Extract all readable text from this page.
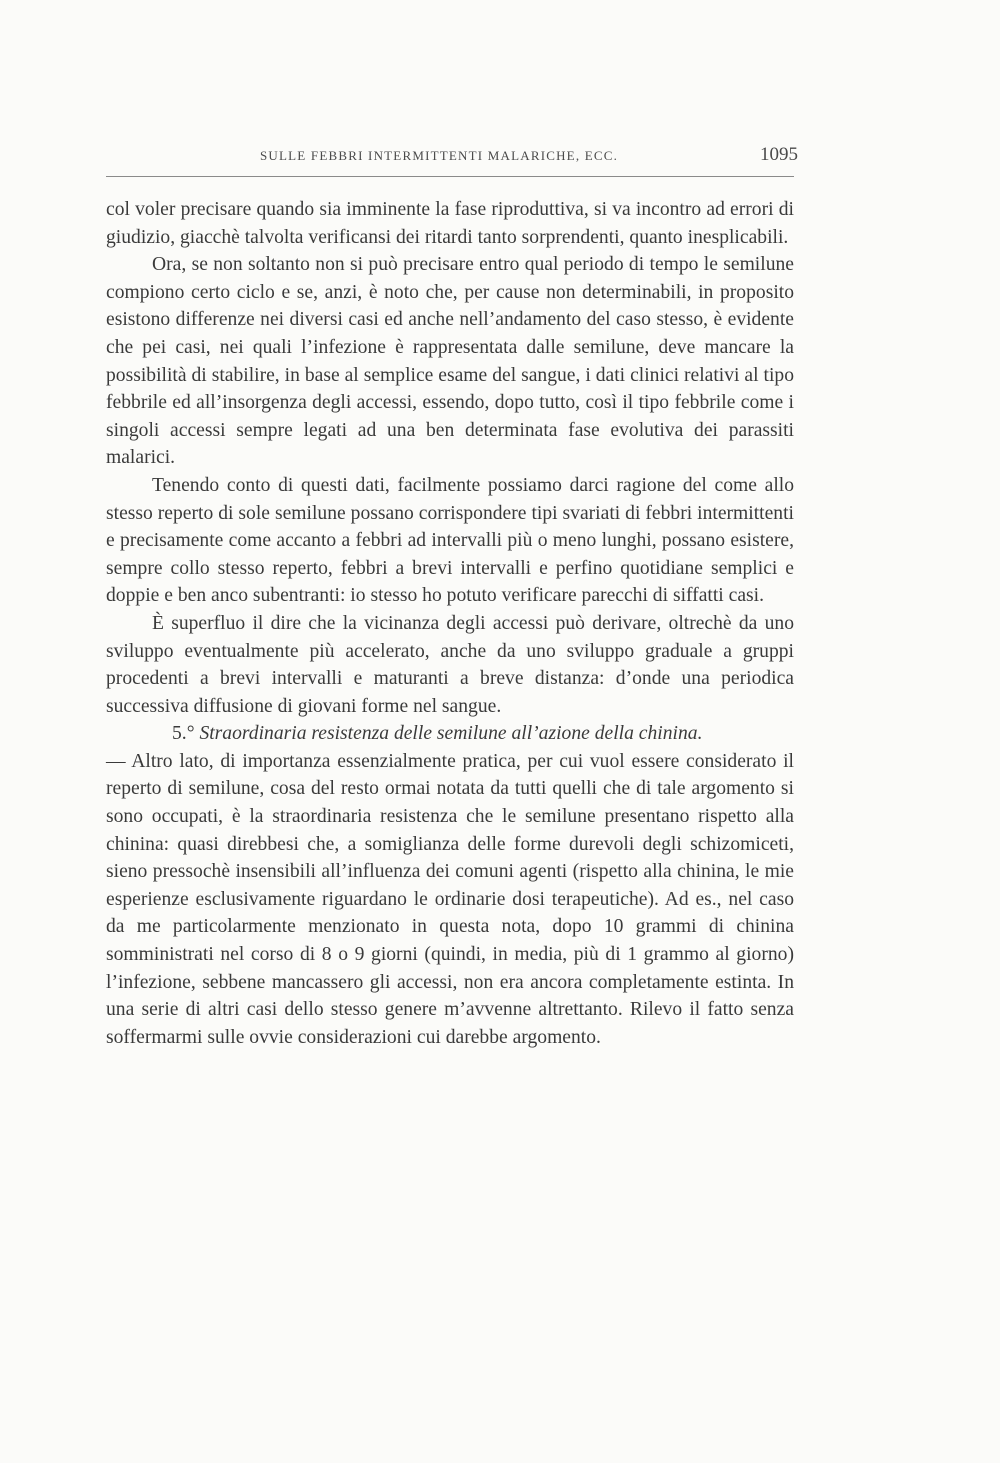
SULLE FEBBRI INTERMITTENTI MALARICHE, ECC.	1095

col voler precisare quando sia imminente la fase riproduttiva, si va incontro ad errori di giudizio, giacchè talvolta verificansi dei ritardi tanto sorprendenti, quanto inesplicabili.

Ora, se non soltanto non si può precisare entro qual periodo di tempo le semilune compiono certo ciclo e se, anzi, è noto che, per cause non determinabili, in proposito esistono differenze nei diversi casi ed anche nell’andamento del caso stesso, è evidente che pei casi, nei quali l’infezione è rappresentata dalle semilune, deve mancare la possibilità di stabilire, in base al semplice esame del sangue, i dati clinici relativi al tipo febbrile ed all’insorgenza degli accessi, essendo, dopo tutto, così il tipo febbrile come i singoli accessi sempre legati ad una ben determinata fase evolutiva dei parassiti malarici.

Tenendo conto di questi dati, facilmente possiamo darci ragione del come allo stesso reperto di sole semilune possano corrispondere tipi svariati di febbri intermittenti e precisamente come accanto a febbri ad intervalli più o meno lunghi, possano esistere, sempre collo stesso reperto, febbri a brevi intervalli e perfino quotidiane semplici e doppie e ben anco subentranti: io stesso ho potuto verificare parecchi di siffatti casi.

È superfluo il dire che la vicinanza degli accessi può derivare, oltrechè da uno sviluppo eventualmente più accelerato, anche da uno sviluppo graduale a gruppi procedenti a brevi intervalli e maturanti a breve distanza: d’onde una periodica successiva diffusione di giovani forme nel sangue.

5.° Straordinaria resistenza delle semilune all’azione della chinina.

— Altro lato, di importanza essenzialmente pratica, per cui vuol essere considerato il reperto di semilune, cosa del resto ormai notata da tutti quelli che di tale argomento si sono occupati, è la straordinaria resistenza che le semilune presentano rispetto alla chinina: quasi direbbesi che, a somiglianza delle forme durevoli degli schizomiceti, sieno pressochè insensibili all’influenza dei comuni agenti (rispetto alla chinina, le mie esperienze esclusivamente riguardano le ordinarie dosi terapeutiche). Ad es., nel caso da me particolarmente menzionato in questa nota, dopo 10 grammi di chinina somministrati nel corso di 8 o 9 giorni (quindi, in media, più di 1 grammo al giorno) l’infezione, sebbene mancassero gli accessi, non era ancora completamente estinta. In una serie di altri casi dello stesso genere m’avvenne altrettanto. Rilevo il fatto senza soffermarmi sulle ovvie considerazioni cui darebbe argomento.
